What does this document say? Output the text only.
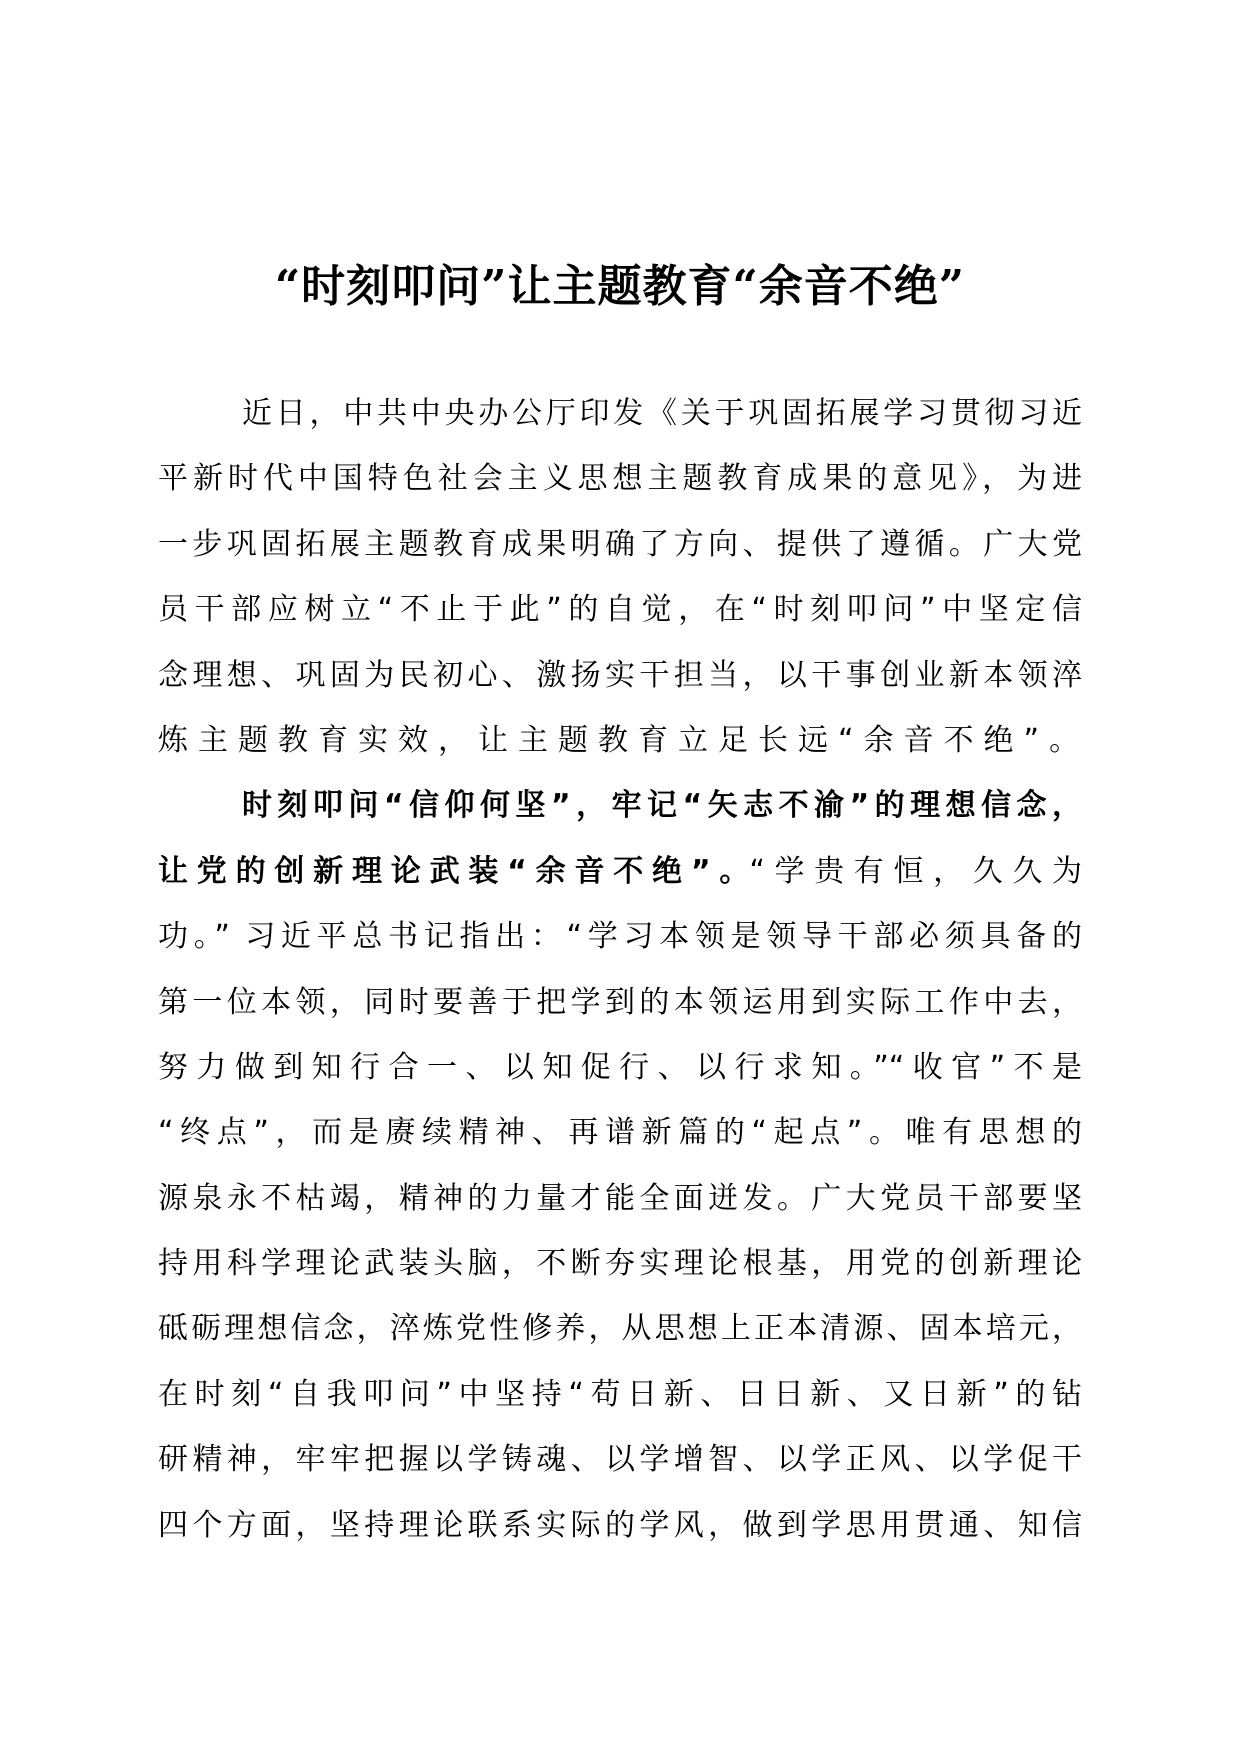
“时刻叩问”让主题教育“余音不绝”
近日，中共中央办公厅印发《关于巩固拓展学习贯彻习近
平新时代中国特色社会主义思想主题教育成果的意见》，为进
一步巩固拓展主题教育成果明确了方向、提供了遵循。广大党
员干部应树立“不止于此”的自觉，在“时刻叩问”中坚定信
念理想、巩固为民初心、激扬实干担当，以干事创业新本领淬
炼主题教育实效，让主题教育立足长远“余音不绝”。
时刻叩问“信仰何坚”，牢记“矢志不渝”的理想信念，
让党的创新理论武装“余音不绝”。“学贵有恒，久久为
功。” 习近平总书记指出：“学习本领是领导干部必须具备的
第一位本领，同时要善于把学到的本领运用到实际工作中去，
努力做到知行合一、以知促行、以行求知。”“收官”不是
“终点”，而是赓续精神、再谱新篇的“起点”。唯有思想的
源泉永不枯竭，精神的力量才能全面迸发。广大党员干部要坚
持用科学理论武装头脑，不断夯实理论根基，用党的创新理论
砥砺理想信念，淬炼党性修养，从思想上正本清源、固本培元，
在时刻“自我叩问”中坚持“苟日新、日日新、又日新”的钻
研精神，牢牢把握以学铸魂、以学增智、以学正风、以学促干
四个方面，坚持理论联系实际的学风，做到学思用贯通、知信
